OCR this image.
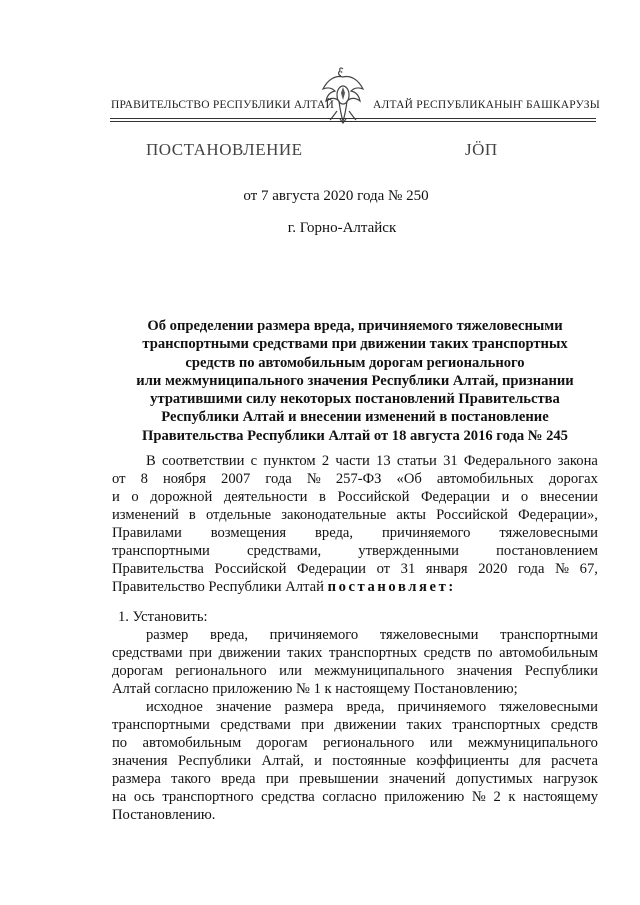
ПРАВИТЕЛЬСТВО РЕСПУБЛИКИ АЛТАЙ	АЛТАЙ РЕСПУБЛИКАНЫҤ БАШКАРУЗЫ
ПОСТАНОВЛЕНИЕ	ЈӦП
от 7 августа 2020 года № 250
г. Горно-Алтайск
Об определении размера вреда, причиняемого тяжеловесными
транспортными средствами при движении таких транспортных
средств по автомобильным дорогам регионального
или межмуниципального значения Республики Алтай, признании
утратившими силу некоторых постановлений Правительства
Республики Алтай и внесении изменений в постановление
Правительства Республики Алтай от 18 августа 2016 года № 245
В соответствии с пунктом 2 части 13 статьи 31 Федерального закона
от 8 ноября 2007 года № 257-ФЗ «Об автомобильных дорогах
и о дорожной деятельности в Российской Федерации и о внесении
изменений в отдельные законодательные акты Российской Федерации»,
Правилами возмещения вреда, причиняемого тяжеловесными
транспортными	средствами,	утвержденными	постановлением
Правительства Российской Федерации от 31 января 2020 года № 67,
Правительство Республики Алтай постановляет:
1. Установить:
размер вреда, причиняемого тяжеловесными транспортными
средствами при движении таких транспортных средств по автомобильным
дорогам регионального или межмуниципального значения Республики
Алтай согласно приложению № 1 к настоящему Постановлению;
исходное значение размера вреда, причиняемого тяжеловесными
транспортными средствами при движении таких транспортных средств
по автомобильным дорогам регионального или межмуниципального
значения Республики Алтай, и постоянные коэффициенты для расчета
размера такого вреда при превышении значений допустимых нагрузок
на ось транспортного средства согласно приложению № 2 к настоящему
Постановлению.
